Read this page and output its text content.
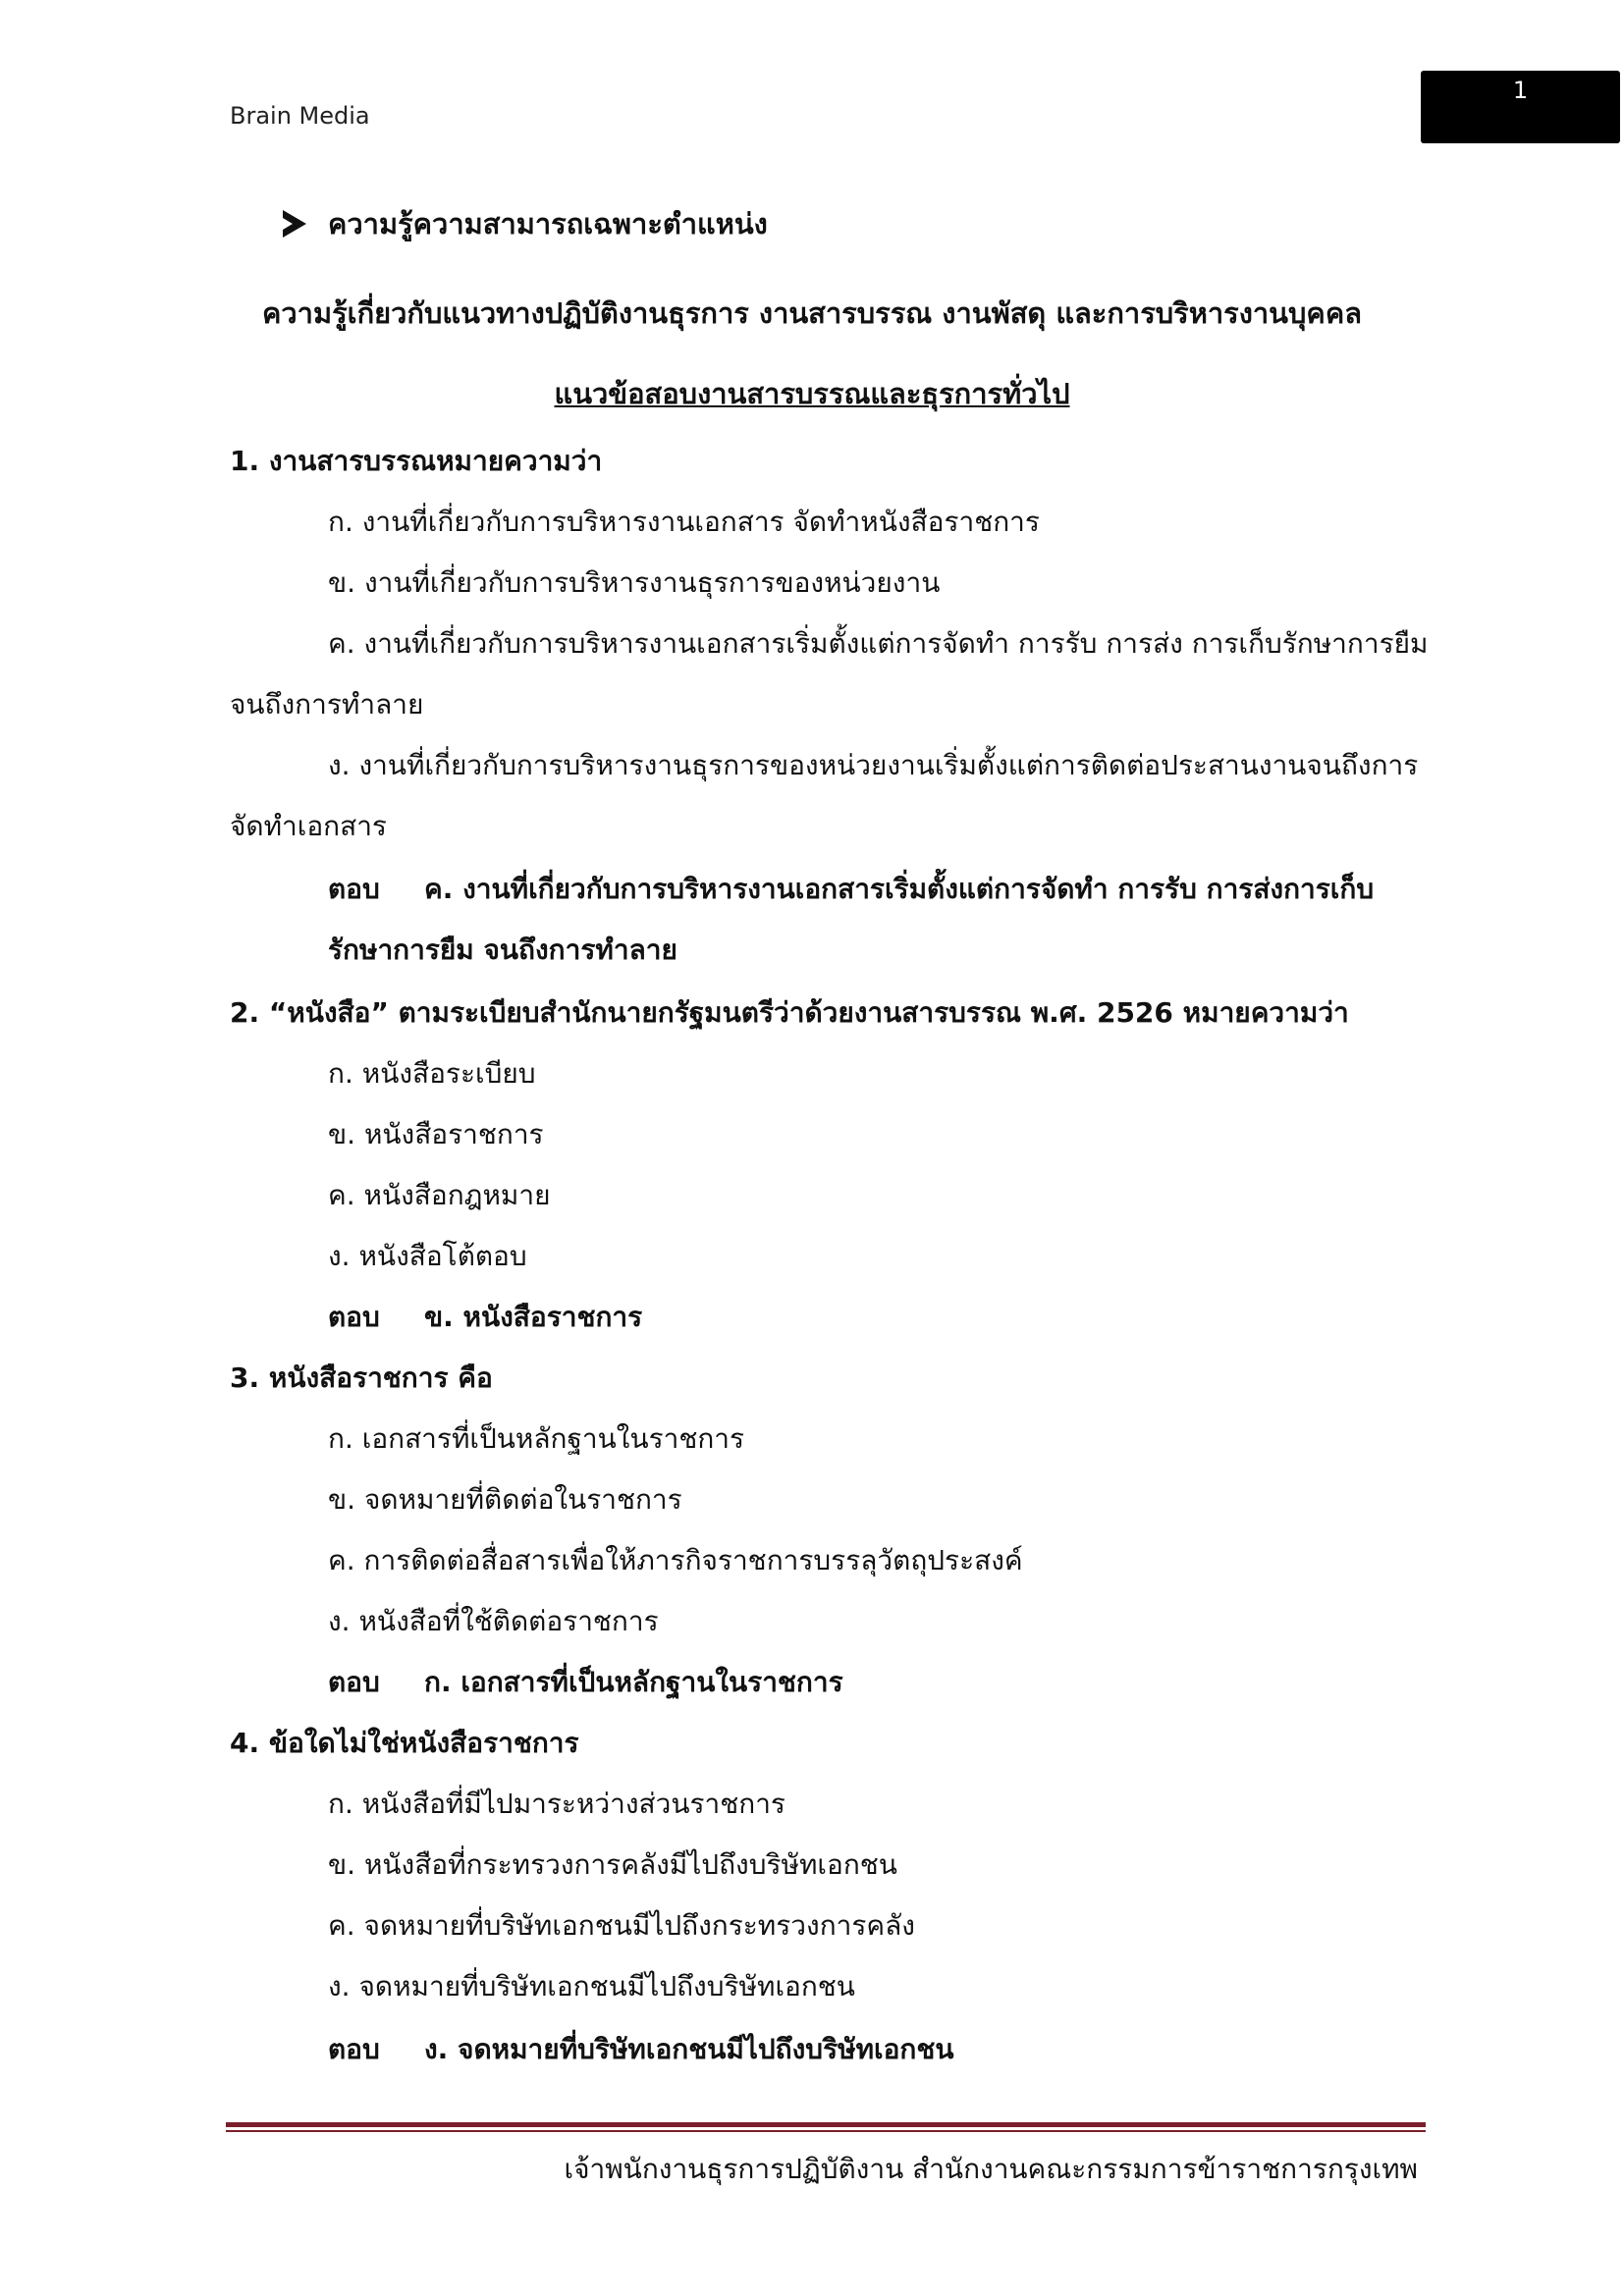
Brain Media
1
ความรู้ความสามารถเฉพาะตำแหน่ง
ความรู้เกี่ยวกับแนวทางปฏิบัติงานธุรการ งานสารบรรณ งานพัสดุ และการบริหารงานบุคคล
แนวข้อสอบงานสารบรรณและธุรการทั่วไป
1. งานสารบรรณหมายความว่า
ก. งานที่เกี่ยวกับการบริหารงานเอกสาร จัดทำหนังสือราชการ
ข. งานที่เกี่ยวกับการบริหารงานธุรการของหน่วยงาน
ค. งานที่เกี่ยวกับการบริหารงานเอกสารเริ่มตั้งแต่การจัดทำ การรับ การส่ง การเก็บรักษาการยืม
จนถึงการทำลาย
ง. งานที่เกี่ยวกับการบริหารงานธุรการของหน่วยงานเริ่มตั้งแต่การติดต่อประสานงานจนถึงการ
จัดทำเอกสาร
ตอบ ค. งานที่เกี่ยวกับการบริหารงานเอกสารเริ่มตั้งแต่การจัดทำ การรับ การส่งการเก็บ
รักษาการยืม จนถึงการทำลาย
2. “หนังสือ” ตามระเบียบสำนักนายกรัฐมนตรีว่าด้วยงานสารบรรณ พ.ศ. 2526 หมายความว่า
ก. หนังสือระเบียบ
ข. หนังสือราชการ
ค. หนังสือกฎหมาย
ง. หนังสือโต้ตอบ
ตอบ ข. หนังสือราชการ
3. หนังสือราชการ คือ
ก. เอกสารที่เป็นหลักฐานในราชการ
ข. จดหมายที่ติดต่อในราชการ
ค. การติดต่อสื่อสารเพื่อให้ภารกิจราชการบรรลุวัตถุประสงค์
ง. หนังสือที่ใช้ติดต่อราชการ
ตอบ ก. เอกสารที่เป็นหลักฐานในราชการ
4. ข้อใดไม่ใช่หนังสือราชการ
ก. หนังสือที่มีไปมาระหว่างส่วนราชการ
ข. หนังสือที่กระทรวงการคลังมีไปถึงบริษัทเอกชน
ค. จดหมายที่บริษัทเอกชนมีไปถึงกระทรวงการคลัง
ง. จดหมายที่บริษัทเอกชนมีไปถึงบริษัทเอกชน
ตอบ ง. จดหมายที่บริษัทเอกชนมีไปถึงบริษัทเอกชน
เจ้าพนักงานธุรการปฏิบัติงาน สำนักงานคณะกรรมการข้าราชการกรุงเทพ
